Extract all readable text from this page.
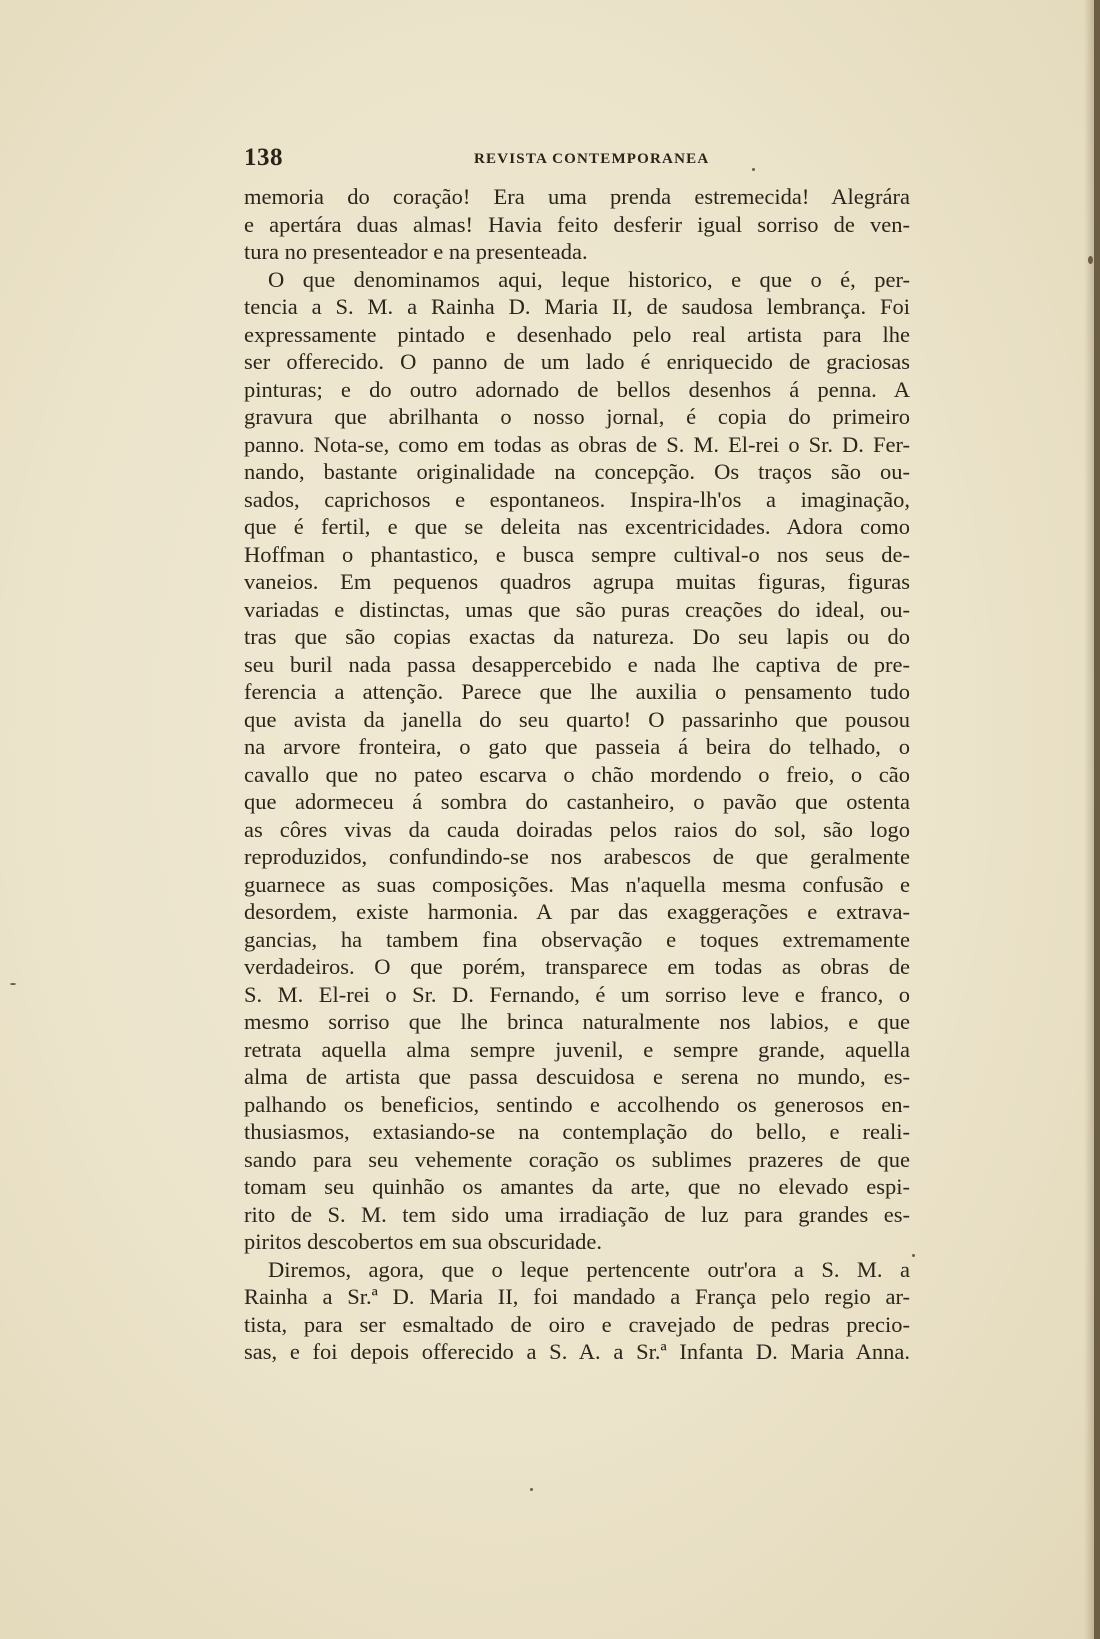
138	REVISTA CONTEMPORANEA
memoria do coração! Era uma prenda estremecida! Alegrára
e apertára duas almas! Havia feito desferir igual sorriso de ven-
tura no presenteador e na presenteada.
O que denominamos aqui, leque historico, e que o é, per-
tencia a S. M. a Rainha D. Maria II, de saudosa lembrança. Foi
expressamente pintado e desenhado pelo real artista para lhe
ser offerecido. O panno de um lado é enriquecido de graciosas
pinturas; e do outro adornado de bellos desenhos á penna. A
gravura que abrilhanta o nosso jornal, é copia do primeiro
panno. Nota-se, como em todas as obras de S. M. El-rei o Sr. D. Fer-
nando, bastante originalidade na concepção. Os traços são ou-
sados, caprichosos e espontaneos. Inspira-lh'os a imaginação,
que é fertil, e que se deleita nas excentricidades. Adora como
Hoffman o phantastico, e busca sempre cultival-o nos seus de-
vaneios. Em pequenos quadros agrupa muitas figuras, figuras
variadas e distinctas, umas que são puras creações do ideal, ou-
tras que são copias exactas da natureza. Do seu lapis ou do
seu buril nada passa desappercebido e nada lhe captiva de pre-
ferencia a attenção. Parece que lhe auxilia o pensamento tudo
que avista da janella do seu quarto! O passarinho que pousou
na arvore fronteira, o gato que passeia á beira do telhado, o
cavallo que no pateo escarva o chão mordendo o freio, o cão
que adormeceu á sombra do castanheiro, o pavão que ostenta
as côres vivas da cauda doiradas pelos raios do sol, são logo
reproduzidos, confundindo-se nos arabescos de que geralmente
guarnece as suas composições. Mas n'aquella mesma confusão e
desordem, existe harmonia. A par das exaggerações e extrava-
gancias, ha tambem fina observação e toques extremamente
verdadeiros. O que porém, transparece em todas as obras de
S. M. El-rei o Sr. D. Fernando, é um sorriso leve e franco, o
mesmo sorriso que lhe brinca naturalmente nos labios, e que
retrata aquella alma sempre juvenil, e sempre grande, aquella
alma de artista que passa descuidosa e serena no mundo, es-
palhando os beneficios, sentindo e accolhendo os generosos en-
thusiasmos, extasiando-se na contemplação do bello, e reali-
sando para seu vehemente coração os sublimes prazeres de que
tomam seu quinhão os amantes da arte, que no elevado espi-
rito de S. M. tem sido uma irradiação de luz para grandes es-
piritos descobertos em sua obscuridade.
Diremos, agora, que o leque pertencente outr'ora a S. M. a
Rainha a Sr.ª D. Maria II, foi mandado a França pelo regio ar-
tista, para ser esmaltado de oiro e cravejado de pedras precio-
sas, e foi depois offerecido a S. A. a Sr.ª Infanta D. Maria Anna.
